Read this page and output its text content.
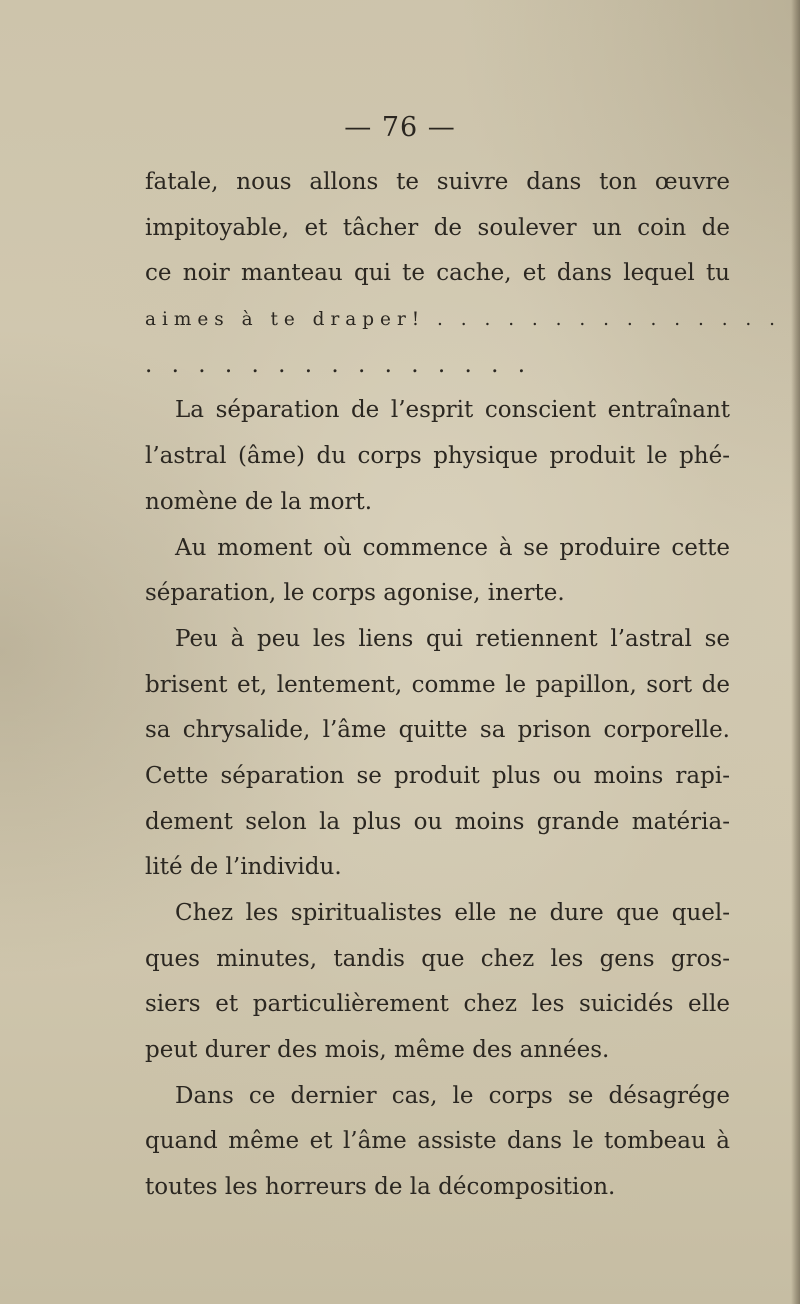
— 76 —
fatale, nous allons te suivre dans ton œuvre
impitoyable, et tâcher de soulever un coin de
ce noir manteau qui te cache, et dans lequel tu
aimes à te draper! . . . . . . . . . . . . . . .
. . . . . . . . . . . . . . .
La séparation de l’esprit conscient entraînant
l’astral (âme) du corps physique produit le phé-
nomène de la mort.
Au moment où commence à se produire cette
séparation, le corps agonise, inerte.
Peu à peu les liens qui retiennent l’astral se
brisent et, lentement, comme le papillon, sort de
sa chrysalide, l’âme quitte sa prison corporelle.
Cette séparation se produit plus ou moins rapi-
dement selon la plus ou moins grande matéria-
lité de l’individu.
Chez les spiritualistes elle ne dure que quel-
ques minutes, tandis que chez les gens gros-
siers et particulièrement chez les suicidés elle
peut durer des mois, même des années.
Dans ce dernier cas, le corps se désagrége
quand même et l’âme assiste dans le tombeau à
toutes les horreurs de la décomposition.
